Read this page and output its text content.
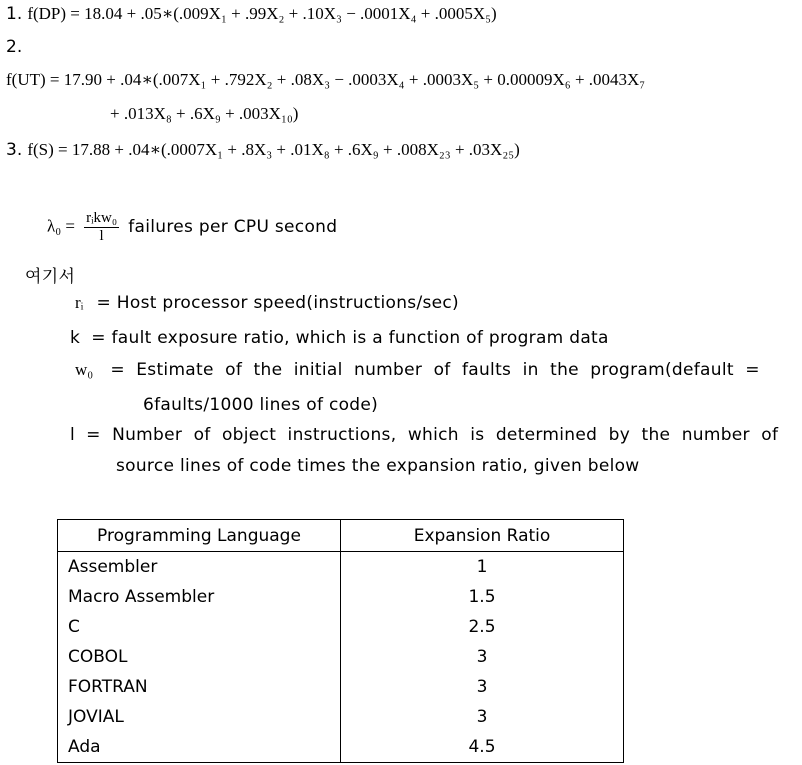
1. f(DP) = 18.04 + .05∗(.009X₁ + .99X₂ + .10X₃ − .0001X₄ + .0005X₅)
2.
f(UT) = 17.90 + .04∗(.007X₁ + .792X₂ + .08X₃ − .0003X₄ + .0003X₅ + 0.00009X₆ + .0043X₇
+ .013X₈ + .6X₉ + .003X₁₀)
3. f(S) = 17.88 + .04∗(.0007X₁ + .8X₃ + .01X₈ + .6X₉ + .008X₂₃ + .03X₂₅)
$\lambda_0 = \frac{\text{rᵢkw₀}}{l}$ failures per CPU second
여기서
rᵢ = Host processor speed(instructions/sec)
k = fault exposure ratio, which is a function of program data
w₀ =  Estimate  of  the  initial  number  of  faults  in  the  program(default  =
6faults/1000 lines of code)
l =  Number  of  object  instructions,  which  is  determined  by  the  number  of
source lines of code times the expansion ratio, given below
Programming Language	Expansion Ratio
Assembler	1
Macro Assembler	1.5
C	2.5
COBOL	3
FORTRAN	3
JOVIAL	3
Ada	4.5
